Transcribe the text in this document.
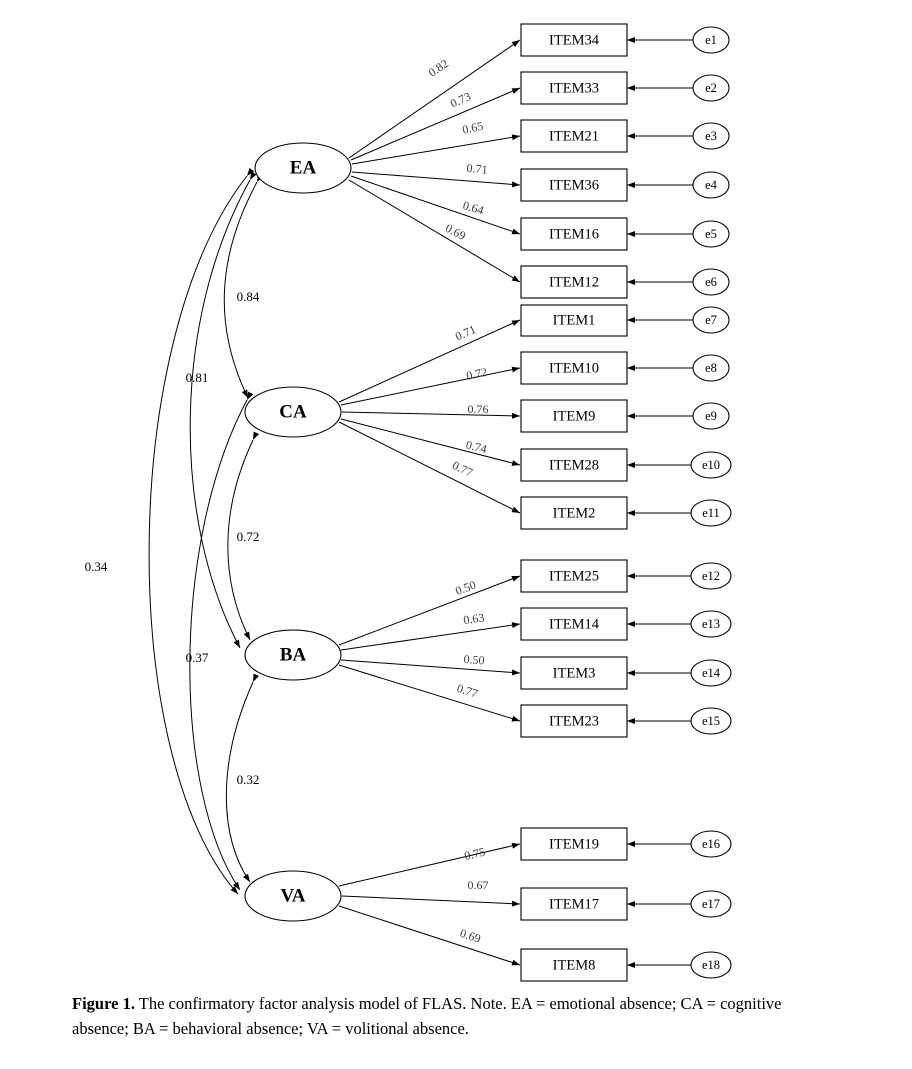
EA
CA
BA
VA
ITEM34
ITEM33
ITEM21
ITEM36
ITEM16
ITEM12
ITEM1
ITEM10
ITEM9
ITEM28
ITEM2
ITEM25
ITEM14
ITEM3
ITEM23
ITEM19
ITEM17
ITEM8
e1
e2
e3
e4
e5
e6
e7
e8
e9
e10
e11
e12
e13
e14
e15
e16
e17
e18
0.82
0.73
0.65
0.71
0.64
0.69
0.71
0.72
0.76
0.74
0.77
0.50
0.63
0.50
0.77
0.75
0.67
0.69
0.84
0.72
0.32
0.81
0.37
0.34
Figure 1. The confirmatory factor analysis model of FLAS. Note. EA = emotional absence; CA = cognitive absence; BA = behavioral absence; VA = volitional absence.
